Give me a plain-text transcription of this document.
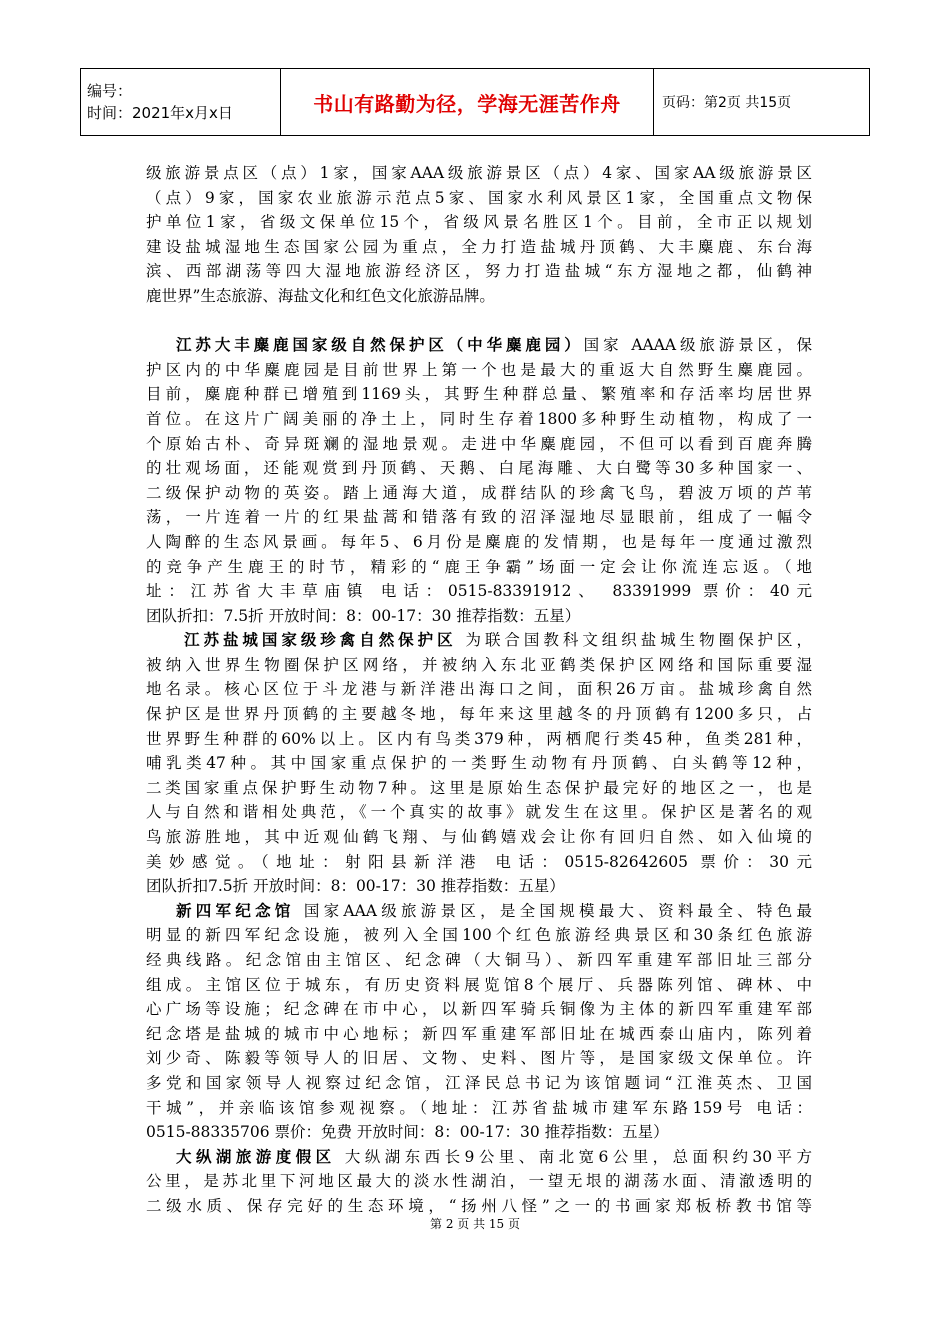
编号：
时间：2021年x月x日	书山有路勤为径，学海无涯苦作舟	页码：第2页 共15页
级旅游景点区（点）1家，国家AAA级旅游景区（点）4家、国家AA级旅游景区
（点）9家，国家农业旅游示范点5家、国家水利风景区1家，全国重点文物保
护单位1家，省级文保单位15个，省级风景名胜区1个。目前，全市正以规划
建设盐城湿地生态国家公园为重点，全力打造盐城丹顶鹤、大丰麋鹿、东台海
滨、西部湖荡等四大湿地旅游经济区，努力打造盐城“东方湿地之都，仙鹤神
鹿世界”生态旅游、海盐文化和红色文化旅游品牌。
江苏大丰麋鹿国家级自然保护区（中华麋鹿园）国家 AAAA级旅游景区，保
护区内的中华麋鹿园是目前世界上第一个也是最大的重返大自然野生麋鹿园。
目前，麋鹿种群已增殖到1169头，其野生种群总量、繁殖率和存活率均居世界
首位。在这片广阔美丽的净土上，同时生存着1800多种野生动植物，构成了一
个原始古朴、奇异斑斓的湿地景观。走进中华麋鹿园，不但可以看到百鹿奔腾
的壮观场面，还能观赏到丹顶鹤、天鹅、白尾海雕、大白鹭等30多种国家一、
二级保护动物的英姿。踏上通海大道，成群结队的珍禽飞鸟，碧波万顷的芦苇
荡，一片连着一片的红果盐蒿和错落有致的沼泽湿地尽显眼前，组成了一幅令
人陶醉的生态风景画。每年5、6月份是麋鹿的发情期，也是每年一度通过激烈
的竞争产生鹿王的时节，精彩的“鹿王争霸”场面一定会让你流连忘返。（地
址：江苏省大丰草庙镇 电话：0515-83391912、 83391999 票价：40元
团队折扣：7.5折 开放时间：8：00-17：30 推荐指数：五星）
江苏盐城国家级珍禽自然保护区 为联合国教科文组织盐城生物圈保护区，
被纳入世界生物圈保护区网络，并被纳入东北亚鹤类保护区网络和国际重要湿
地名录。核心区位于斗龙港与新洋港出海口之间，面积26万亩。盐城珍禽自然
保护区是世界丹顶鹤的主要越冬地，每年来这里越冬的丹顶鹤有1200多只，占
世界野生种群的60%以上。区内有鸟类379种，两栖爬行类45种，鱼类281种，
哺乳类47种。其中国家重点保护的一类野生动物有丹顶鹤、白头鹤等12种，
二类国家重点保护野生动物7种。这里是原始生态保护最完好的地区之一，也是
人与自然和谐相处典范，《一个真实的故事》就发生在这里。保护区是著名的观
鸟旅游胜地，其中近观仙鹤飞翔、与仙鹤嬉戏会让你有回归自然、如入仙境的
美妙感觉。（地址：射阳县新洋港 电话：0515-82642605 票价：30元
团队折扣7.5折 开放时间：8：00-17：30 推荐指数：五星）
新四军纪念馆 国家AAA级旅游景区，是全国规模最大、资料最全、特色最
明显的新四军纪念设施，被列入全国100个红色旅游经典景区和30条红色旅游
经典线路。纪念馆由主馆区、纪念碑（大铜马）、新四军重建军部旧址三部分
组成。主馆区位于城东，有历史资料展览馆8个展厅、兵器陈列馆、碑林、中
心广场等设施；纪念碑在市中心，以新四军骑兵铜像为主体的新四军重建军部
纪念塔是盐城的城市中心地标；新四军重建军部旧址在城西泰山庙内，陈列着
刘少奇、陈毅等领导人的旧居、文物、史料、图片等，是国家级文保单位。许
多党和国家领导人视察过纪念馆，江泽民总书记为该馆题词“江淮英杰、卫国
干城”，并亲临该馆参观视察。（地址：江苏省盐城市建军东路159号 电话：
0515-88335706 票价：免费 开放时间：8：00-17：30 推荐指数：五星）
大纵湖旅游度假区 大纵湖东西长9公里、南北宽6公里，总面积约30平方
公里，是苏北里下河地区最大的淡水性湖泊，一望无垠的湖荡水面、清澈透明的
二级水质、保存完好的生态环境，“扬州八怪”之一的书画家郑板桥教书馆等
第 2 页 共 15 页
